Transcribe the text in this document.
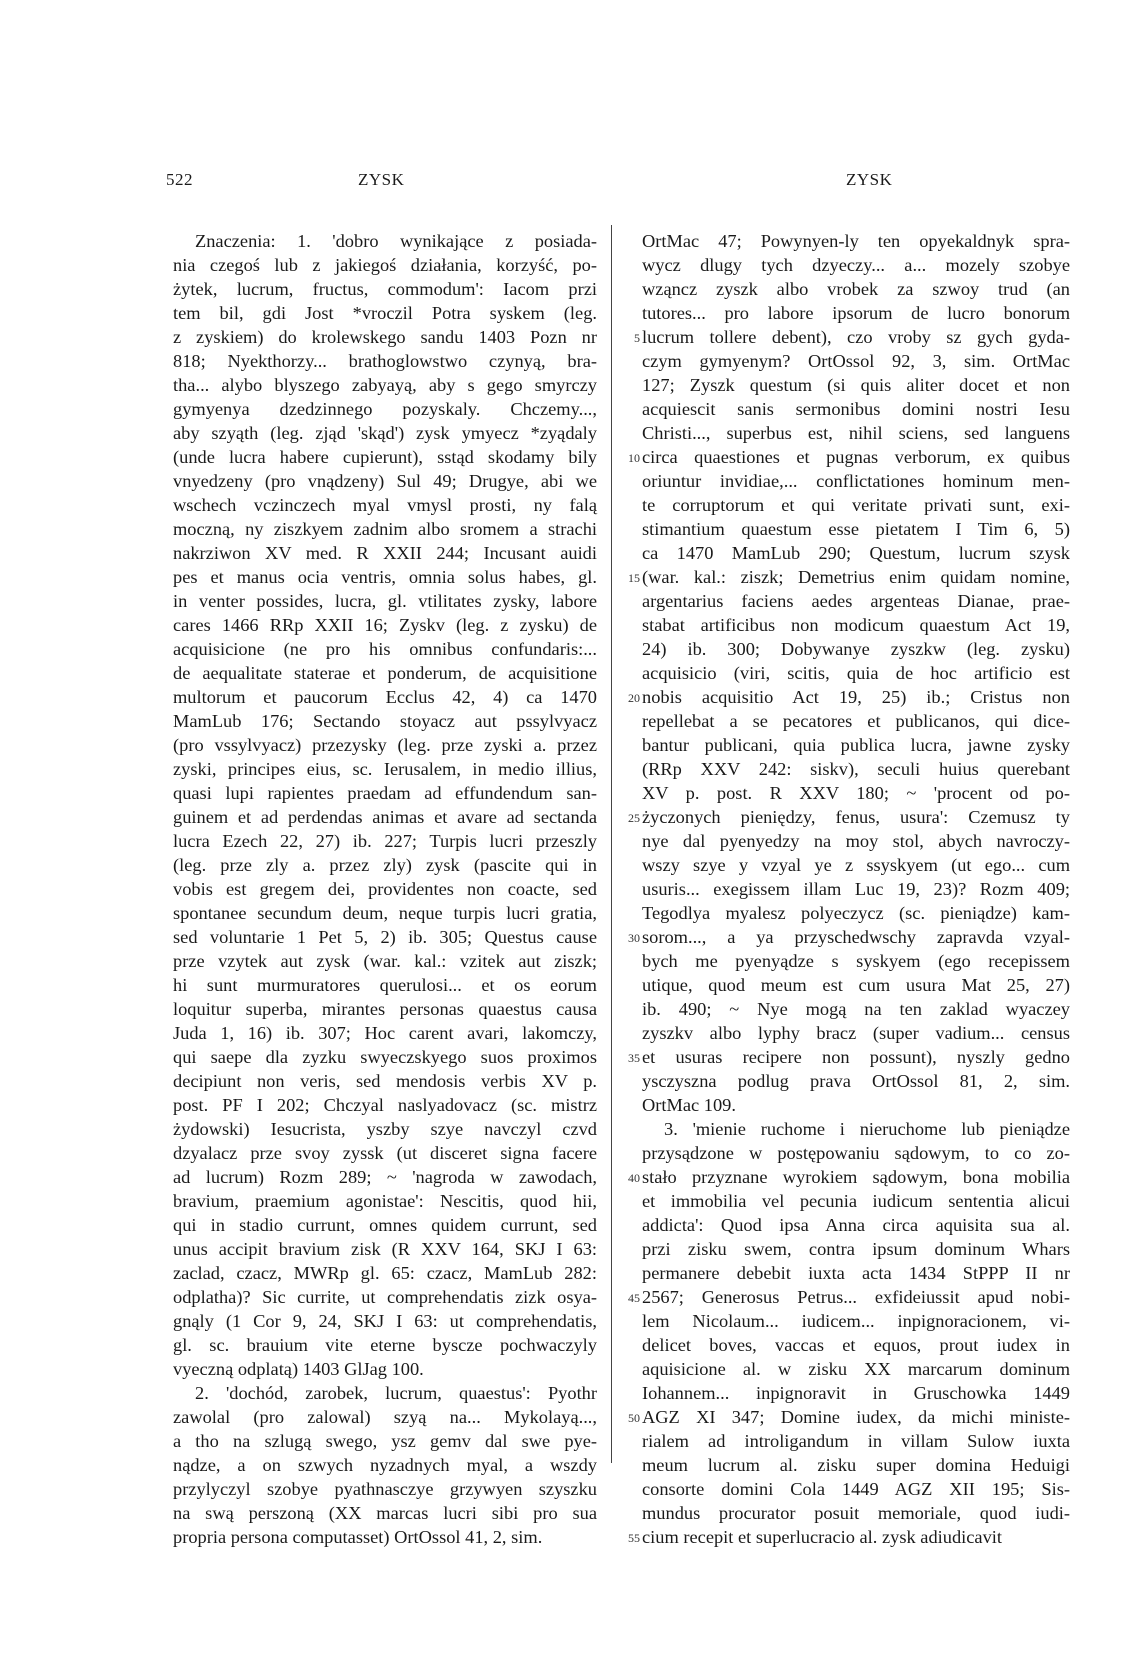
522	ZYSK	ZYSK
Znaczenia: 1. 'dobro wynikające z posiada-
nia czegoś lub z jakiegoś działania, korzyść, po-
żytek, lucrum, fructus, commodum': Iacom przi
tem bil, gdi Jost *vroczil Potra syskem (leg.
z zyskiem) do krolewskego sandu 1403 Pozn nr
818; Nyekthorzy... brathoglowstwo czynyą, bra-
tha... alybo blyszego zabyayą, aby s gego smyrczy
gymyenya dzedzinnego pozyskaly. Chczemy...,
aby szyąth (leg. zjąd 'skąd') zysk ymyecz *zyądaly
(unde lucra habere cupierunt), sstąd skodamy bily
vnyedzeny (pro vnądzeny) Sul 49; Drugye, abi we
wschech vczinczech myal vmysl prosti, ny falą
moczną, ny ziszkyem zadnim albo sromem a strachi
nakrziwon XV med. R XXII 244; Incusant auidi
pes et manus ocia ventris, omnia solus habes, gl.
in venter possides, lucra, gl. vtilitates zysky, labore
cares 1466 RRp XXII 16; Zyskv (leg. z zysku) de
acquisicione (ne pro his omnibus confundaris:...
de aequalitate staterae et ponderum, de acquisitione
multorum et paucorum Ecclus 42, 4) ca 1470
MamLub 176; Sectando stoyacz aut pssylvyacz
(pro vssylvyacz) przezysky (leg. prze zyski a. przez
zyski, principes eius, sc. Ierusalem, in medio illius,
quasi lupi rapientes praedam ad effundendum san-
guinem et ad perdendas animas et avare ad sectanda
lucra Ezech 22, 27) ib. 227; Turpis lucri przeszly
(leg. prze zly a. przez zly) zysk (pascite qui in
vobis est gregem dei, providentes non coacte, sed
spontanee secundum deum, neque turpis lucri gratia,
sed voluntarie 1 Pet 5, 2) ib. 305; Questus cause
prze vzytek aut zysk (war. kal.: vzitek aut ziszk;
hi sunt murmuratores querulosi... et os eorum
loquitur superba, mirantes personas quaestus causa
Juda 1, 16) ib. 307; Hoc carent avari, lakomczy,
qui saepe dla zyzku swyeczskyego suos proximos
decipiunt non veris, sed mendosis verbis XV p.
post. PF I 202; Chczyal naslyadovacz (sc. mistrz
żydowski) Iesucrista, yszby szye navczyl czvd
dzyalacz prze svoy zyssk (ut disceret signa facere
ad lucrum) Rozm 289; ~ 'nagroda w zawodach,
bravium, praemium agonistae': Nescitis, quod hii,
qui in stadio currunt, omnes quidem currunt, sed
unus accipit bravium zisk (R XXV 164, SKJ I 63:
zaclad, czacz, MWRp gl. 65: czacz, MamLub 282:
odplatha)? Sic currite, ut comprehendatis zizk osya-
gnąly (1 Cor 9, 24, SKJ I 63: ut comprehendatis,
gl. sc. brauium vite eterne byscze pochwaczyly
vyeczną odplatą) 1403 GlJag 100.
2. 'dochód, zarobek, lucrum, quaestus': Pyothr
zawolal (pro zalowal) szyą na... Mykolayą...,
a tho na szlugą swego, ysz gemv dal swe pye-
nądze, a on szwych nyzadnych myal, a wszdy
przylyczyl szobye pyathnasczye grzywyen szyszku
na swą perszoną (XX marcas lucri sibi pro sua
propria persona computasset) OrtOssol 41, 2, sim.
5
10
15
20
25
30
35
40
45
50
55
OrtMac 47; Powynyen-ly ten opyekaldnyk spra-
wycz dlugy tych dzyeczy... a... mozely szobye
wząncz zyszk albo vrobek za szwoy trud (an
tutores... pro labore ipsorum de lucro bonorum
lucrum tollere debent), czo vroby sz gych gyda-
czym gymyenym? OrtOssol 92, 3, sim. OrtMac
127; Zyszk questum (si quis aliter docet et non
acquiescit sanis sermonibus domini nostri Iesu
Christi..., superbus est, nihil sciens, sed languens
circa quaestiones et pugnas verborum, ex quibus
oriuntur invidiae,... conflictationes hominum men-
te corruptorum et qui veritate privati sunt, exi-
stimantium quaestum esse pietatem I Tim 6, 5)
ca 1470 MamLub 290; Questum, lucrum szysk
(war. kal.: ziszk; Demetrius enim quidam nomine,
argentarius faciens aedes argenteas Dianae, prae-
stabat artificibus non modicum quaestum Act 19,
24) ib. 300; Dobywanye zyszkw (leg. zysku)
acquisicio (viri, scitis, quia de hoc artificio est
nobis acquisitio Act 19, 25) ib.; Cristus non
repellebat a se pecatores et publicanos, qui dice-
bantur publicani, quia publica lucra, jawne zysky
(RRp XXV 242: siskv), seculi huius querebant
XV p. post. R XXV 180; ~ 'procent od po-
życzonych pieniędzy, fenus, usura': Czemusz ty
nye dal pyenyedzy na moy stol, abych navroczy-
wszy szye y vzyal ye z ssyskyem (ut ego... cum
usuris... exegissem illam Luc 19, 23)? Rozm 409;
Tegodlya myalesz polyeczycz (sc. pieniądze) kam-
sorom..., a ya przyschedwschy zapravda vzyal-
bych me pyenyądze s syskyem (ego recepissem
utique, quod meum est cum usura Mat 25, 27)
ib. 490; ~ Nye mogą na ten zaklad wyaczey
zyszkv albo lyphy bracz (super vadium... census
et usuras recipere non possunt), nyszly gedno
ysczyszna podlug prava OrtOssol 81, 2, sim.
OrtMac 109.
3. 'mienie ruchome i nieruchome lub pieniądze
przysądzone w postępowaniu sądowym, to co zo-
stało przyznane wyrokiem sądowym, bona mobilia
et immobilia vel pecunia iudicum sententia alicui
addicta': Quod ipsa Anna circa aquisita sua al.
przi zisku swem, contra ipsum dominum Whars
permanere debebit iuxta acta 1434 StPPP II nr
2567; Generosus Petrus... exfideiussit apud nobi-
lem Nicolaum... iudicem... inpignoracionem, vi-
delicet boves, vaccas et equos, prout iudex in
aquisicione al. w zisku XX marcarum dominum
Iohannem... inpignoravit in Gruschowka 1449
AGZ XI 347; Domine iudex, da michi ministe-
rialem ad introligandum in villam Sulow iuxta
meum lucrum al. zisku super domina Heduigi
consorte domini Cola 1449 AGZ XII 195; Sis-
mundus procurator posuit memoriale, quod iudi-
cium recepit et superlucracio al. zysk adiudicavit
